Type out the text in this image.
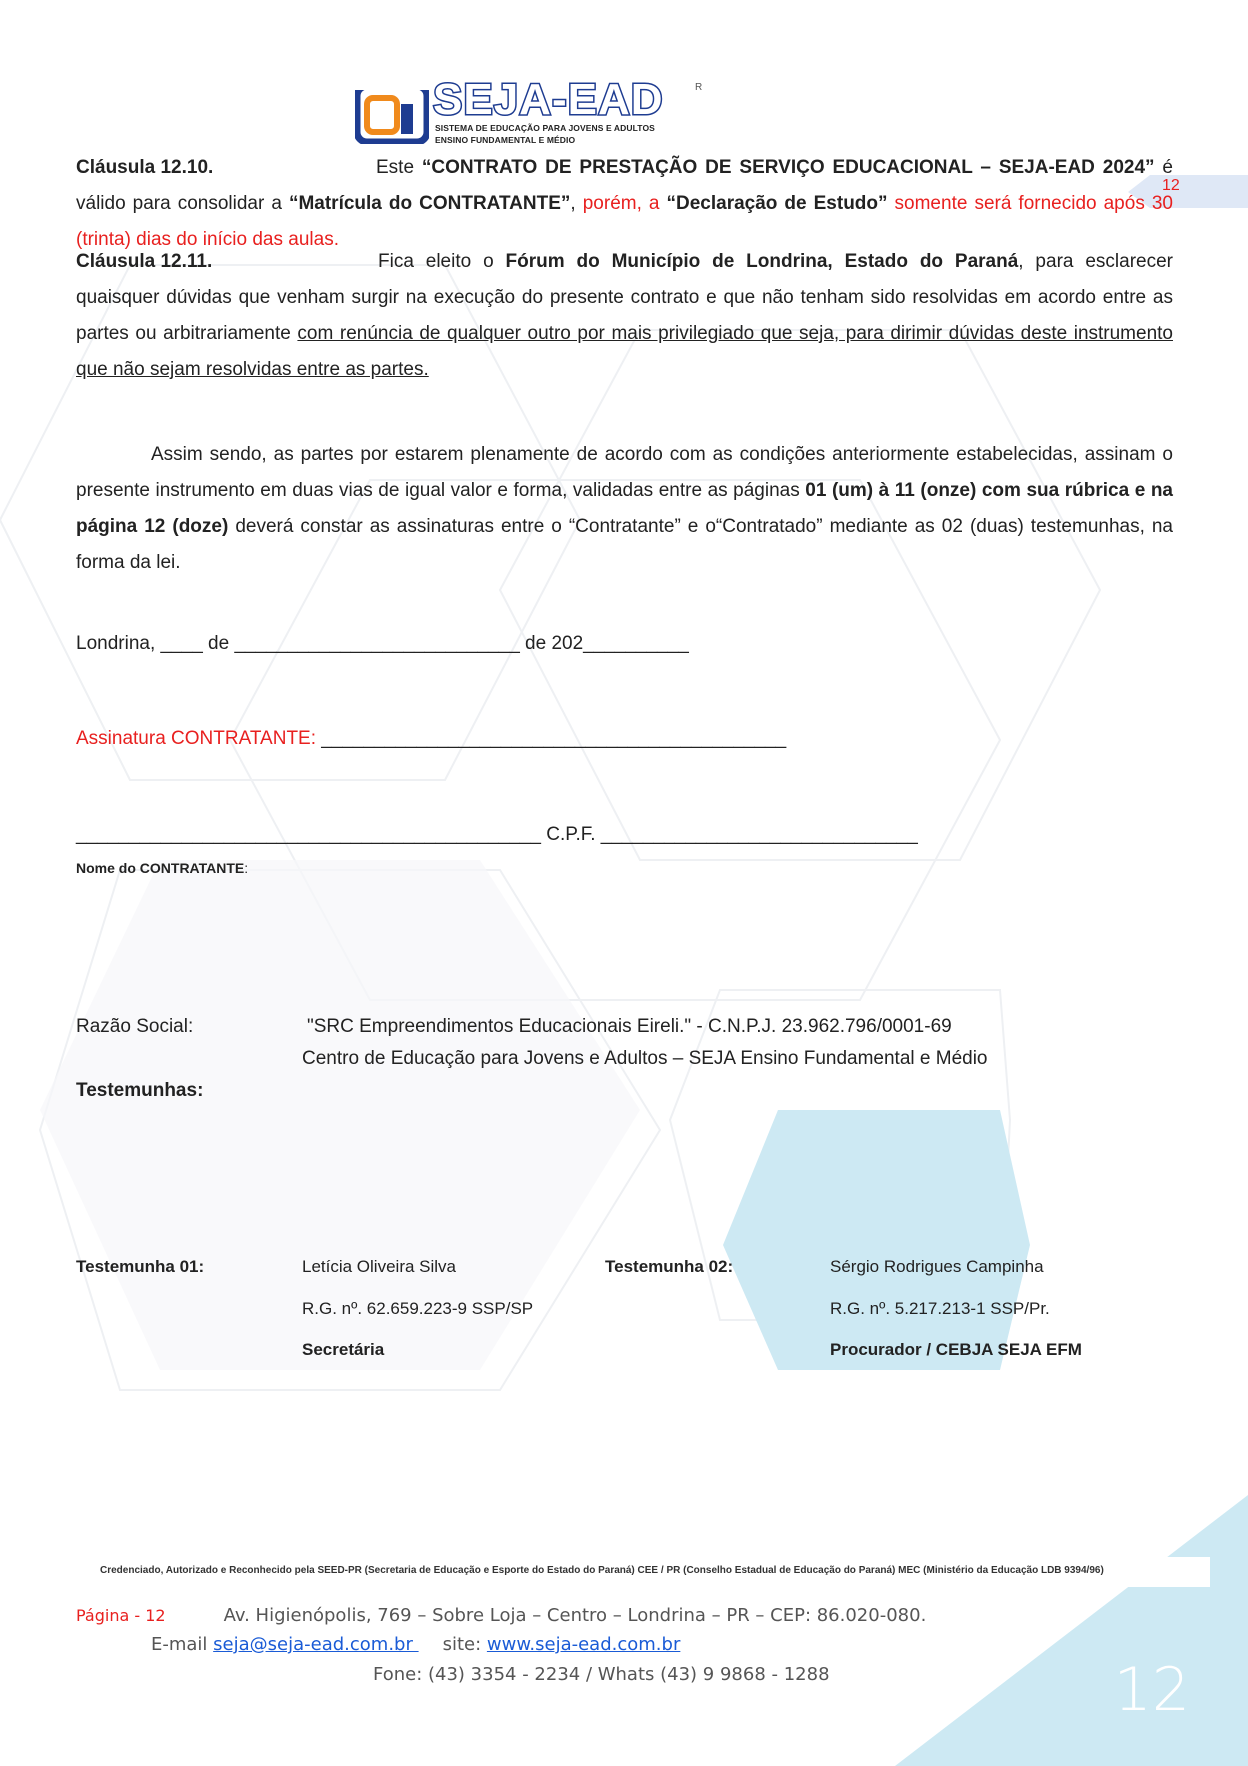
SEJA-EAD	R
SISTEMA DE EDUCAÇÃO PARA JOVENS E ADULTOS
ENSINO FUNDAMENTAL E MÉDIO
12
Cláusula 12.10.	Este “CONTRATO DE PRESTAÇÃO DE SERVIÇO EDUCACIONAL – SEJA-EAD 2024” é válido para consolidar a “Matrícula do CONTRATANTE”, porém, a “Declaração de Estudo” somente será fornecido após 30 (trinta) dias do início das aulas.
Cláusula 12.11.	Fica eleito o Fórum do Município de Londrina, Estado do Paraná, para esclarecer quaisquer dúvidas que venham surgir na execução do presente contrato e que não tenham sido resolvidas em acordo entre as partes ou arbitrariamente com renúncia de qualquer outro por mais privilegiado que seja, para dirimir dúvidas deste instrumento que não sejam resolvidas entre as partes.
Assim sendo, as partes por estarem plenamente de acordo com as condições anteriormente estabelecidas, assinam o presente instrumento em duas vias de igual valor e forma, validadas entre as páginas 01 (um) à 11 (onze) com sua rúbrica e na página 12 (doze) deverá constar as assinaturas entre o “Contratante” e o“Contratado” mediante as 02 (duas) testemunhas, na forma da lei.
Londrina, ____ de ___________________________ de 202__________
Assinatura CONTRATANTE: ____________________________________________
____________________________________________ C.P.F. ______________________________
Nome do CONTRATANTE:
Razão Social:	"SRC Empreendimentos Educacionais Eireli." - C.N.P.J. 23.962.796/0001-69
Centro de Educação para Jovens e Adultos – SEJA Ensino Fundamental e Médio
Testemunhas:
Testemunha 01:	Letícia Oliveira Silva
R.G. nº. 62.659.223-9 SSP/SP
Secretária
Testemunha 02:	Sérgio Rodrigues Campinha
R.G. nº. 5.217.213-1 SSP/Pr.
Procurador / CEBJA SEJA EFM
Credenciado, Autorizado e Reconhecido pela SEED-PR (Secretaria de Educação e Esporte do Estado do Paraná) CEE / PR (Conselho Estadual de Educação do Paraná) MEC (Ministério da Educação LDB 9394/96)
Página - 12	Av. Higienópolis, 769 – Sobre Loja – Centro – Londrina – PR – CEP: 86.020-080.
E-mail seja@seja-ead.com.br site: www.seja-ead.com.br
Fone: (43) 3354 - 2234 / Whats (43) 9 9868 - 1288	12
